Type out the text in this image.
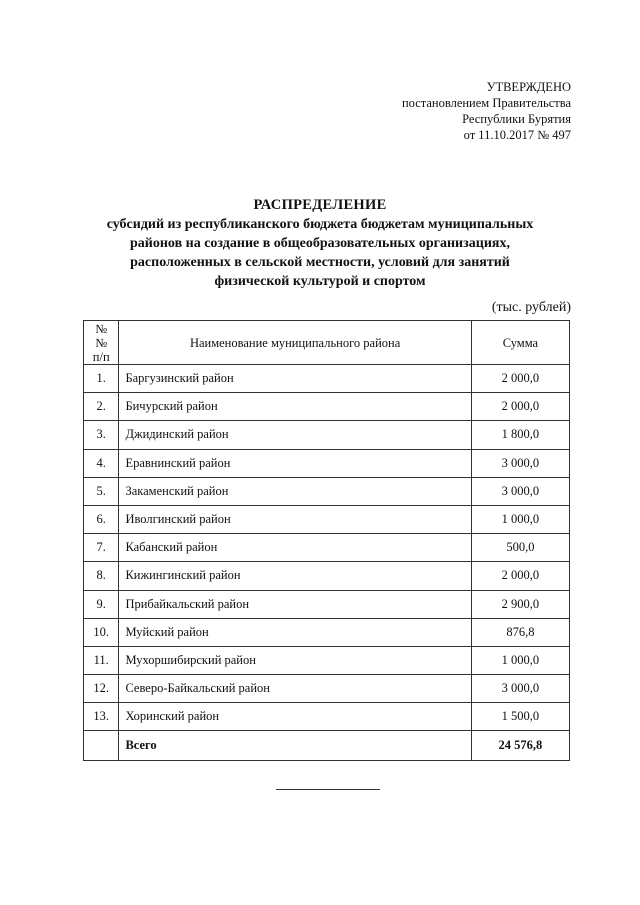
УТВЕРЖДЕНО
постановлением Правительства
Республики Бурятия
от 11.10.2017 № 497
РАСПРЕДЕЛЕНИЕ
субсидий из республиканского бюджета бюджетам муниципальных
районов на создание в общеобразовательных организациях,
расположенных в сельской местности, условий для занятий
физической культурой и спортом
(тыс. рублей)
№№
п/п	Наименование муниципального района	Сумма
1.	Баргузинский район	2 000,0
2.	Бичурский район	2 000,0
3.	Джидинский район	1 800,0
4.	Еравнинский район	3 000,0
5.	Закаменский район	3 000,0
6.	Иволгинский район	1 000,0
7.	Кабанский район	500,0
8.	Кижингинский район	2 000,0
9.	Прибайкальский район	2 900,0
10.	Муйский район	876,8
11.	Мухоршибирский район	1 000,0
12.	Северо-Байкальский район	3 000,0
13.	Хоринский район	1 500,0
	Всего	24 576,8
